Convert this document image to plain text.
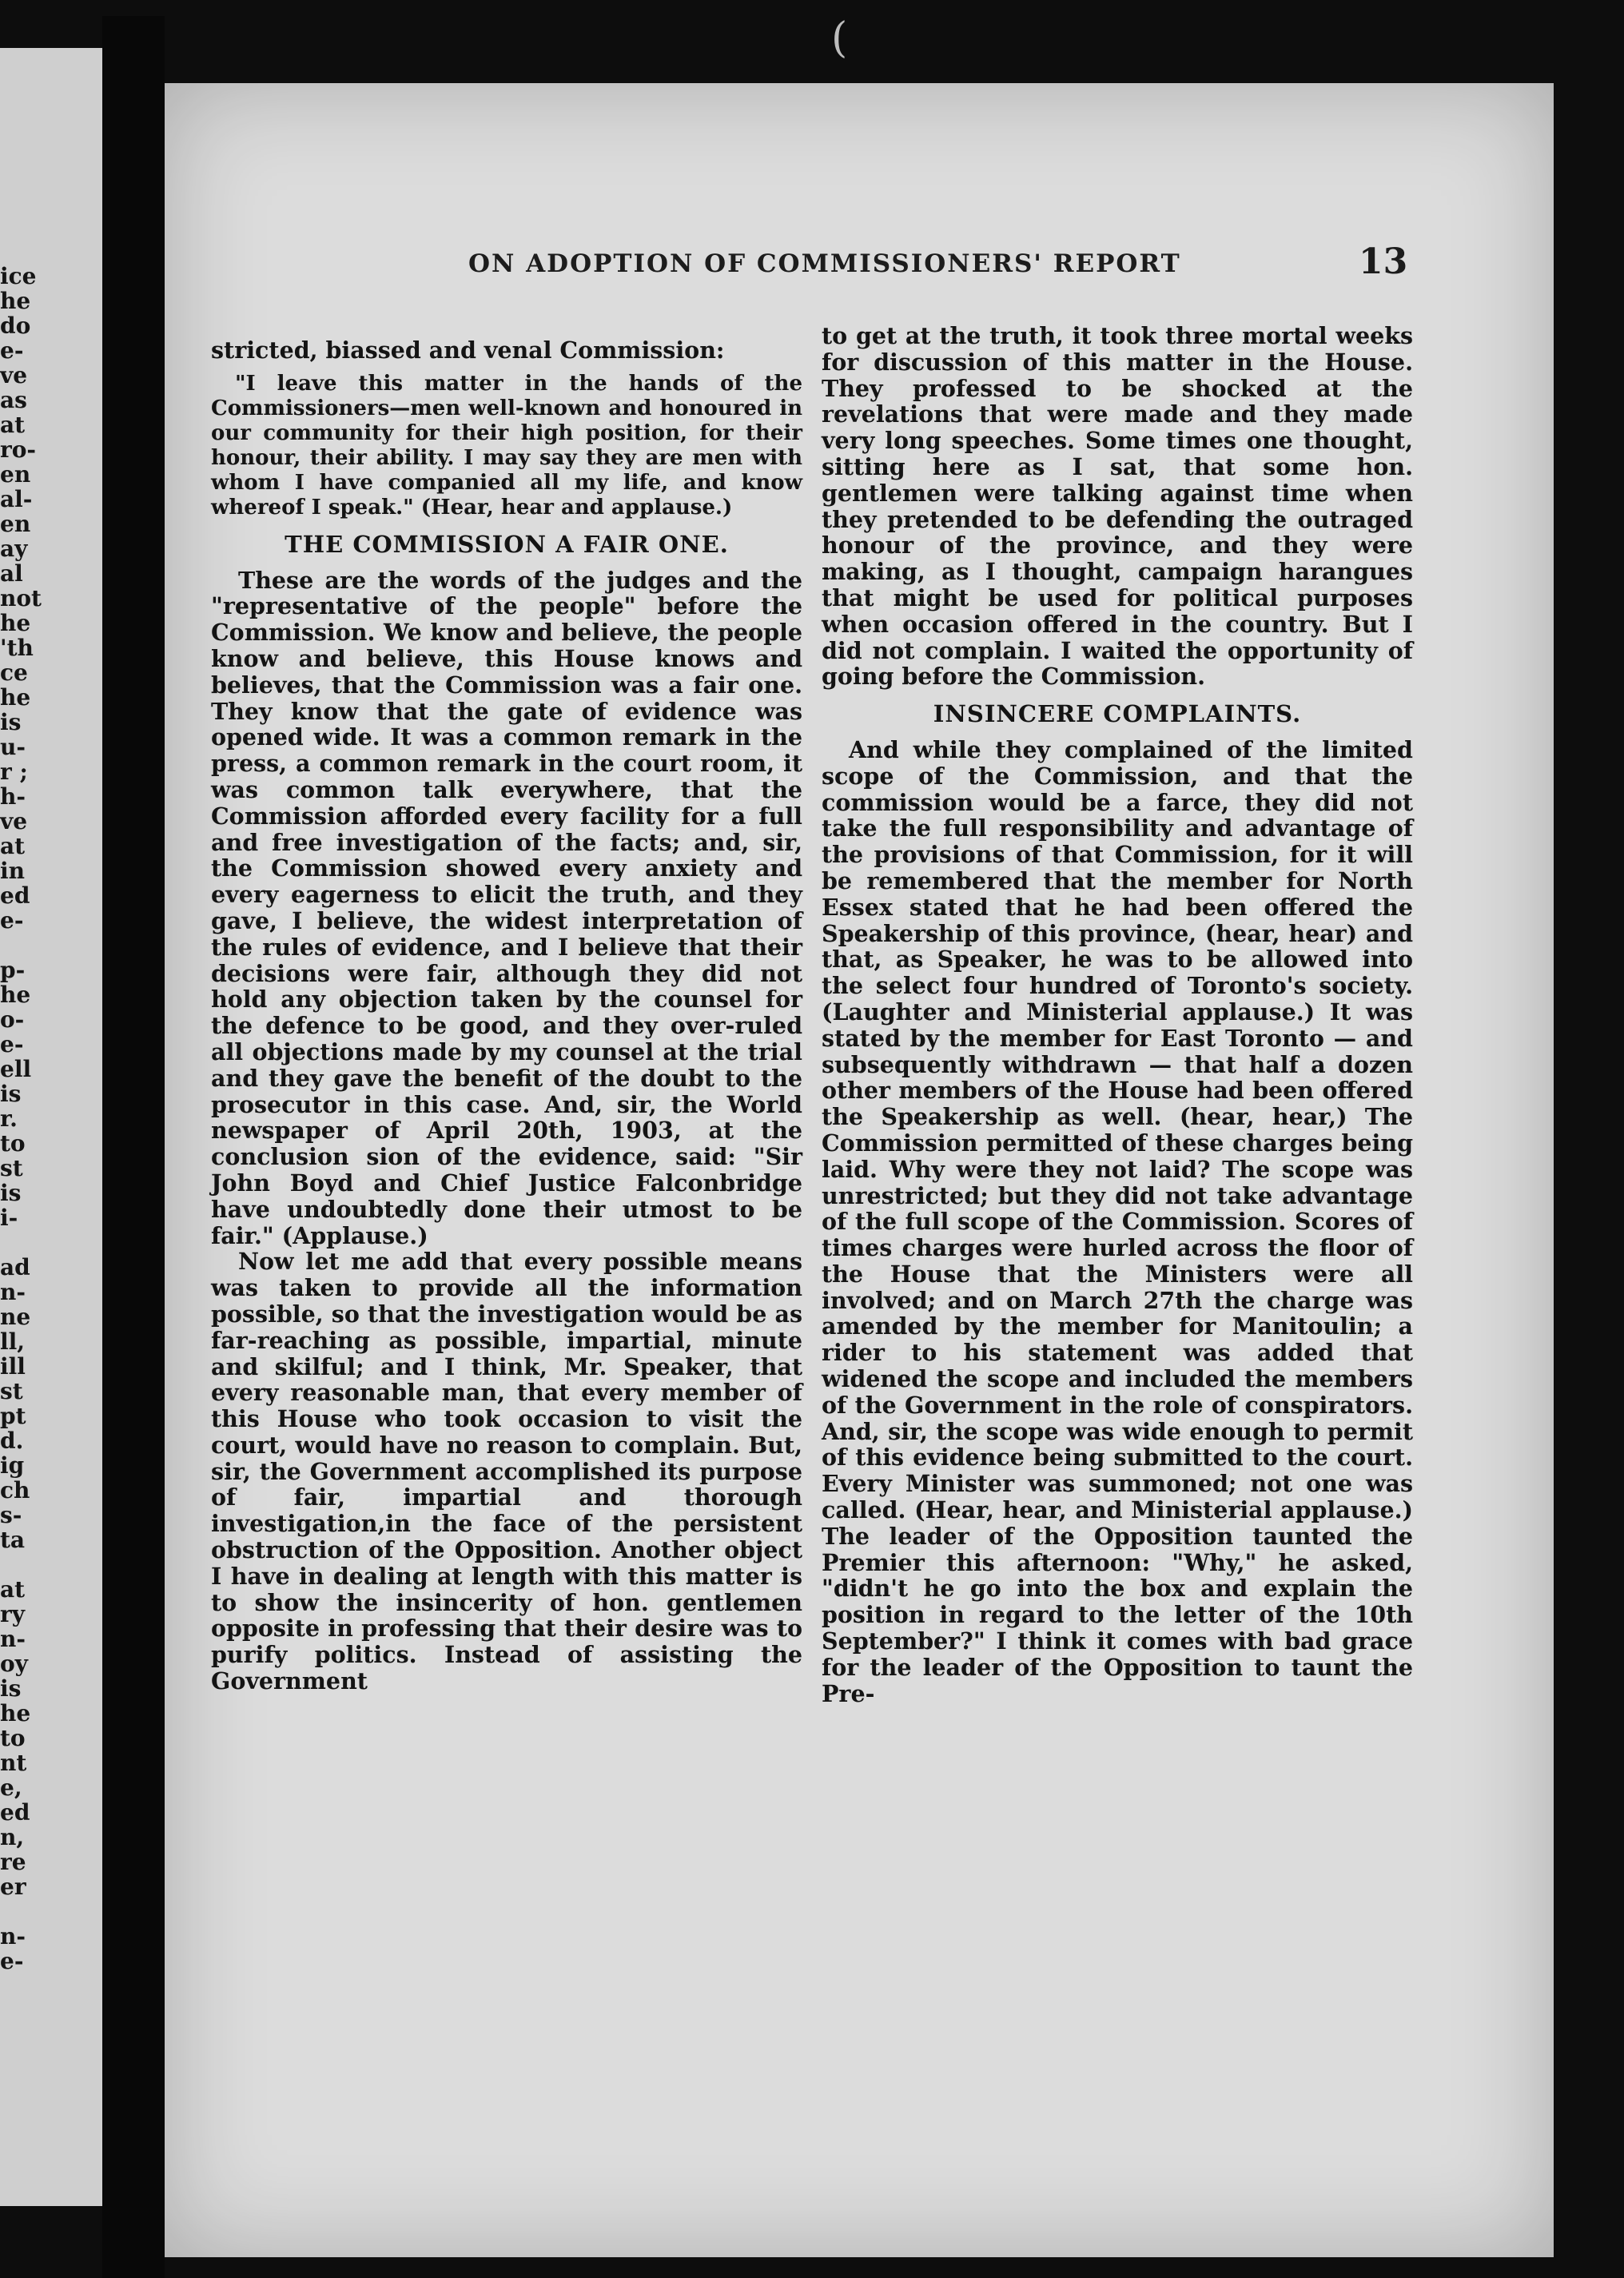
(
ice
he
do
e-
ve
as
at
ro-
en
al-
en
ay
al
not
he
'th
ce
he
is
u-
r ;
h-
ve
at
in
ed
e-
p-
he
o-
e-
ell
is
r.
to
st
is
i-
ad
n-
ne
ll,
ill
st
pt
d.
ig
ch
s-
ta
at
ry
n-
oy
is
he
to
nt
e,
ed
n,
re
er
n-
e-
ON ADOPTION OF COMMISSIONERS' REPORT	13

stricted, biassed and venal Commission:

"I leave this matter in the hands of the Commissioners—men well-known and honoured in our community for their high position, for their honour, their ability. I may say they are men with whom I have companied all my life, and know whereof I speak." (Hear, hear and applause.)

THE COMMISSION A FAIR ONE.

These are the words of the judges and the "representative of the people" before the Commission. We know and believe, the people know and believe, this House knows and believes, that the Commission was a fair one. They know that the gate of evidence was opened wide. It was a common remark in the press, a common remark in the court room, it was common talk everywhere, that the Commission afforded every facility for a full and free investigation of the facts; and, sir, the Commission showed every anxiety and every eagerness to elicit the truth, and they gave, I believe, the widest interpretation of the rules of evidence, and I believe that their decisions were fair, although they did not hold any objection taken by the counsel for the defence to be good, and they over-ruled all objections made by my counsel at the trial and they gave the benefit of the doubt to the prosecutor in this case. And, sir, the World newspaper of April 20th, 1903, at the conclusion sion of the evidence, said: "Sir John Boyd and Chief Justice Falconbridge have undoubtedly done their utmost to be fair." (Applause.)

Now let me add that every possible means was taken to provide all the information possible, so that the investigation would be as far-reaching as possible, impartial, minute and skilful; and I think, Mr. Speaker, that every reasonable man, that every member of this House who took occasion to visit the court, would have no reason to complain. But, sir, the Government accomplished its purpose of fair, impartial and thorough investigation,in the face of the persistent obstruction of the Opposition. Another object I have in dealing at length with this matter is to show the insincerity of hon. gentlemen opposite in professing that their desire was to purify politics. Instead of assisting the Government

to get at the truth, it took three mortal weeks for discussion of this matter in the House. They professed to be shocked at the revelations that were made and they made very long speeches. Some times one thought, sitting here as I sat, that some hon. gentlemen were talking against time when they pretended to be defending the outraged honour of the province, and they were making, as I thought, campaign harangues that might be used for political purposes when occasion offered in the country. But I did not complain. I waited the opportunity of going before the Commission.

INSINCERE COMPLAINTS.

And while they complained of the limited scope of the Commission, and that the commission would be a farce, they did not take the full responsibility and advantage of the provisions of that Commission, for it will be remembered that the member for North Essex stated that he had been offered the Speakership of this province, (hear, hear) and that, as Speaker, he was to be allowed into the select four hundred of Toronto's society. (Laughter and Ministerial applause.) It was stated by the member for East Toronto — and subsequently withdrawn — that half a dozen other members of the House had been offered the Speakership as well. (hear, hear,) The Commission permitted of these charges being laid. Why were they not laid? The scope was unrestricted; but they did not take advantage of the full scope of the Commission. Scores of times charges were hurled across the floor of the House that the Ministers were all involved; and on March 27th the charge was amended by the member for Manitoulin; a rider to his statement was added that widened the scope and included the members of the Government in the role of conspirators. And, sir, the scope was wide enough to permit of this evidence being submitted to the court. Every Minister was summoned; not one was called. (Hear, hear, and Ministerial applause.) The leader of the Opposition taunted the Premier this afternoon: "Why," he asked, "didn't he go into the box and explain the position in regard to the letter of the 10th September?" I think it comes with bad grace for the leader of the Opposition to taunt the Pre-
